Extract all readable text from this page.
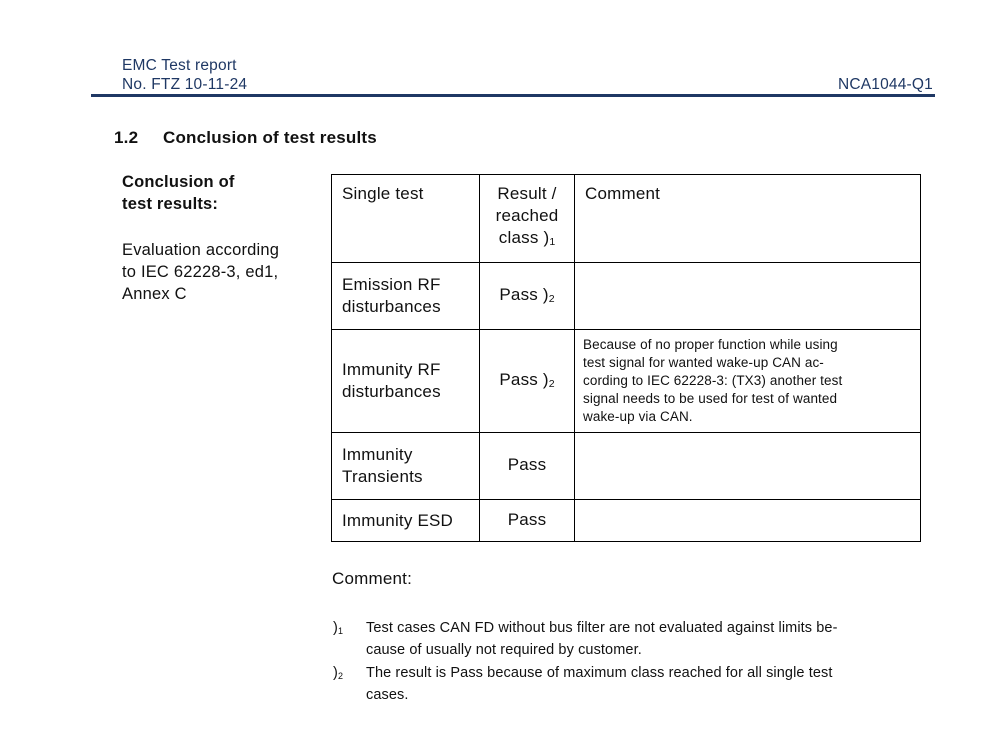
EMC Test report
No. FTZ 10-11-24	NCA1044-Q1
1.2 Conclusion of test results
Conclusion of
test results:
Evaluation according
to IEC 62228-3, ed1,
Annex C
Single test	Result /
reached
class )$_1$	Comment
Emission RF
disturbances	Pass )$_2$	
Immunity RF
disturbances	Pass )$_2$	Because of no proper function while using
test signal for wanted wake-up CAN ac-
cording to IEC 62228-3: (TX3) another test
signal needs to be used for test of wanted
wake-up via CAN.
Immunity
Transients	Pass	
Immunity ESD	Pass	
Comment:
)$_1$	Test cases CAN FD without bus filter are not evaluated against limits be-
cause of usually not required by customer.
)$_2$	The result is Pass because of maximum class reached for all single test
cases.
